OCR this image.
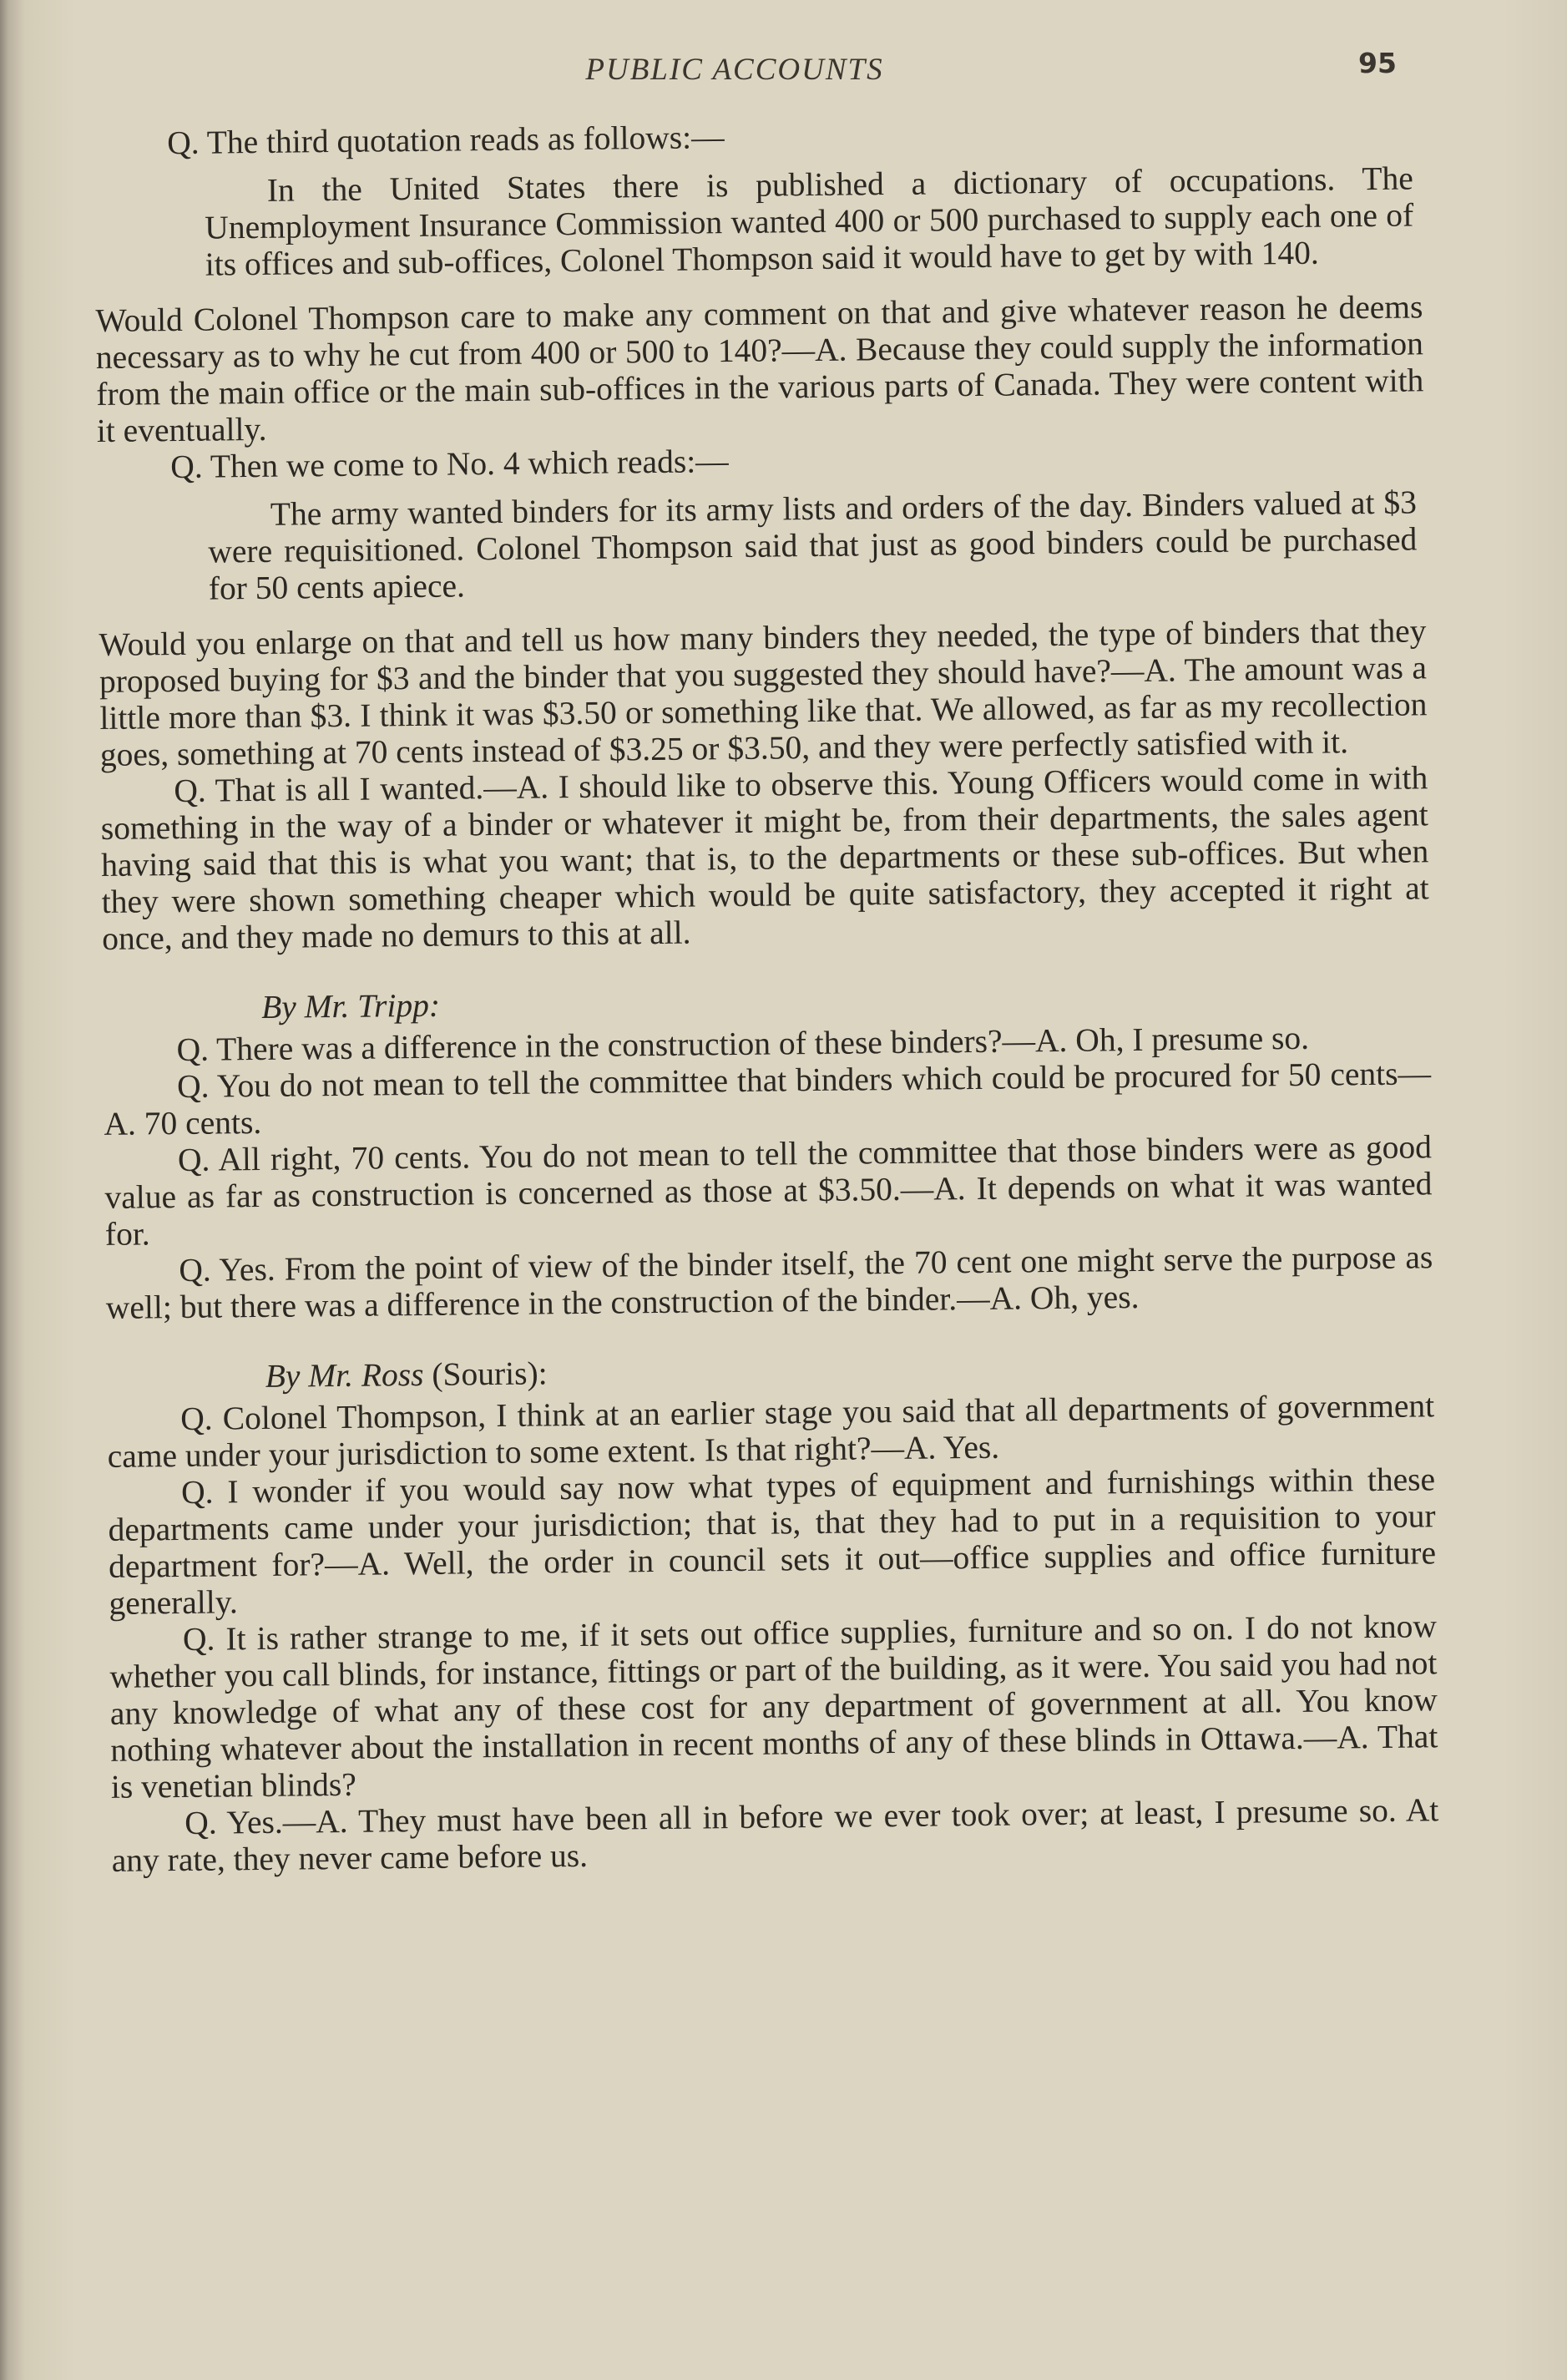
PUBLIC ACCOUNTS	95

Q. The third quotation reads as follows:—

In the United States there is published a dictionary of occupations. The Unemployment Insurance Commission wanted 400 or 500 purchased to supply each one of its offices and sub-offices, Colonel Thompson said it would have to get by with 140.

Would Colonel Thompson care to make any comment on that and give whatever reason he deems necessary as to why he cut from 400 or 500 to 140?—A. Because they could supply the information from the main office or the main sub-offices in the various parts of Canada. They were content with it eventually.

Q. Then we come to No. 4 which reads:—

The army wanted binders for its army lists and orders of the day. Binders valued at $3 were requisitioned. Colonel Thompson said that just as good binders could be purchased for 50 cents apiece.

Would you enlarge on that and tell us how many binders they needed, the type of binders that they proposed buying for $3 and the binder that you suggested they should have?—A. The amount was a little more than $3. I think it was $3.50 or something like that. We allowed, as far as my recollection goes, something at 70 cents instead of $3.25 or $3.50, and they were perfectly satisfied with it.

Q. That is all I wanted.—A. I should like to observe this. Young Officers would come in with something in the way of a binder or whatever it might be, from their departments, the sales agent having said that this is what you want; that is, to the departments or these sub-offices. But when they were shown something cheaper which would be quite satisfactory, they accepted it right at once, and they made no demurs to this at all.

By Mr. Tripp:

Q. There was a difference in the construction of these binders?—A. Oh, I presume so.

Q. You do not mean to tell the committee that binders which could be procured for 50 cents—A. 70 cents.

Q. All right, 70 cents. You do not mean to tell the committee that those binders were as good value as far as construction is concerned as those at $3.50.—A. It depends on what it was wanted for.

Q. Yes. From the point of view of the binder itself, the 70 cent one might serve the purpose as well; but there was a difference in the construction of the binder.—A. Oh, yes.

By Mr. Ross (Souris):

Q. Colonel Thompson, I think at an earlier stage you said that all departments of government came under your jurisdiction to some extent. Is that right?—A. Yes.

Q. I wonder if you would say now what types of equipment and furnishings within these departments came under your jurisdiction; that is, that they had to put in a requisition to your department for?—A. Well, the order in council sets it out—office supplies and office furniture generally.

Q. It is rather strange to me, if it sets out office supplies, furniture and so on. I do not know whether you call blinds, for instance, fittings or part of the building, as it were. You said you had not any knowledge of what any of these cost for any department of government at all. You know nothing whatever about the installation in recent months of any of these blinds in Ottawa.—A. That is venetian blinds?

Q. Yes.—A. They must have been all in before we ever took over; at least, I presume so. At any rate, they never came before us.
